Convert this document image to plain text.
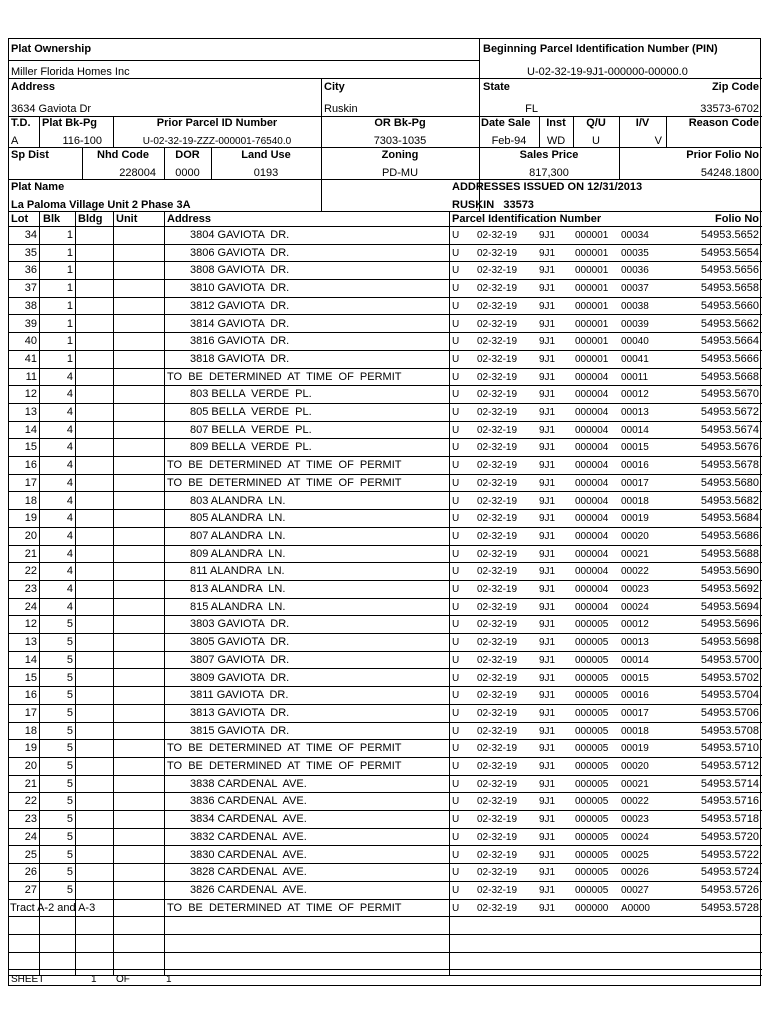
Plat Ownership
Miller Florida Homes Inc
Beginning Parcel Identification Number (PIN)
U-02-32-19-9J1-000000-00000.0
Address
3634 Gaviota Dr
City
Ruskin
State
FL
Zip Code
33573-6702
T.D.
A
Plat Bk-Pg
116-100
Prior Parcel ID Number
U-02-32-19-ZZZ-000001-76540.0
OR Bk-Pg
7303-1035
Date Sale
Feb-94
Inst
WD
Q/U
U
I/V
V
Reason Code
Sp Dist	Nhd Code
228004
DOR
0000
Land Use
0193
Zoning
PD-MU
Sales Price
817,300
Prior Folio No
54248.1800
Plat Name
La Paloma Village Unit 2 Phase 3A
ADDRESSES ISSUED ON 12/31/2013
RUSKIN   33573
Lot Blk Bldg Unit	Address	Parcel Identification Number	Folio No
34	1	3804 GAVIOTA  DR.	U 02-32-19 9J1 000001 00034	54953.5652
35	1	3806 GAVIOTA  DR.	U 02-32-19 9J1 000001 00035	54953.5654
36	1	3808 GAVIOTA  DR.	U 02-32-19 9J1 000001 00036	54953.5656
37	1	3810 GAVIOTA  DR.	U 02-32-19 9J1 000001 00037	54953.5658
38	1	3812 GAVIOTA  DR.	U 02-32-19 9J1 000001 00038	54953.5660
39	1	3814 GAVIOTA  DR.	U 02-32-19 9J1 000001 00039	54953.5662
40	1	3816 GAVIOTA  DR.	U 02-32-19 9J1 000001 00040	54953.5664
41	1	3818 GAVIOTA  DR.	U 02-32-19 9J1 000001 00041	54953.5666
11	4	TO  BE  DETERMINED  AT  TIME  OF  PERMIT	U 02-32-19 9J1 000004 00011	54953.5668
12	4	803 BELLA  VERDE  PL.	U 02-32-19 9J1 000004 00012	54953.5670
13	4	805 BELLA  VERDE  PL.	U 02-32-19 9J1 000004 00013	54953.5672
14	4	807 BELLA  VERDE  PL.	U 02-32-19 9J1 000004 00014	54953.5674
15	4	809 BELLA  VERDE  PL.	U 02-32-19 9J1 000004 00015	54953.5676
16	4	TO  BE  DETERMINED  AT  TIME  OF  PERMIT	U 02-32-19 9J1 000004 00016	54953.5678
17	4	TO  BE  DETERMINED  AT  TIME  OF  PERMIT	U 02-32-19 9J1 000004 00017	54953.5680
18	4	803 ALANDRA  LN.	U 02-32-19 9J1 000004 00018	54953.5682
19	4	805 ALANDRA  LN.	U 02-32-19 9J1 000004 00019	54953.5684
20	4	807 ALANDRA  LN.	U 02-32-19 9J1 000004 00020	54953.5686
21	4	809 ALANDRA  LN.	U 02-32-19 9J1 000004 00021	54953.5688
22	4	811 ALANDRA  LN.	U 02-32-19 9J1 000004 00022	54953.5690
23	4	813 ALANDRA  LN.	U 02-32-19 9J1 000004 00023	54953.5692
24	4	815 ALANDRA  LN.	U 02-32-19 9J1 000004 00024	54953.5694
12	5	3803 GAVIOTA  DR.	U 02-32-19 9J1 000005 00012	54953.5696
13	5	3805 GAVIOTA  DR.	U 02-32-19 9J1 000005 00013	54953.5698
14	5	3807 GAVIOTA  DR.	U 02-32-19 9J1 000005 00014	54953.5700
15	5	3809 GAVIOTA  DR.	U 02-32-19 9J1 000005 00015	54953.5702
16	5	3811 GAVIOTA  DR.	U 02-32-19 9J1 000005 00016	54953.5704
17	5	3813 GAVIOTA  DR.	U 02-32-19 9J1 000005 00017	54953.5706
18	5	3815 GAVIOTA  DR.	U 02-32-19 9J1 000005 00018	54953.5708
19	5	TO  BE  DETERMINED  AT  TIME  OF  PERMIT	U 02-32-19 9J1 000005 00019	54953.5710
20	5	TO  BE  DETERMINED  AT  TIME  OF  PERMIT	U 02-32-19 9J1 000005 00020	54953.5712
21	5	3838 CARDENAL  AVE.	U 02-32-19 9J1 000005 00021	54953.5714
22	5	3836 CARDENAL  AVE.	U 02-32-19 9J1 000005 00022	54953.5716
23	5	3834 CARDENAL  AVE.	U 02-32-19 9J1 000005 00023	54953.5718
24	5	3832 CARDENAL  AVE.	U 02-32-19 9J1 000005 00024	54953.5720
25	5	3830 CARDENAL  AVE.	U 02-32-19 9J1 000005 00025	54953.5722
26	5	3828 CARDENAL  AVE.	U 02-32-19 9J1 000005 00026	54953.5724
27	5	3826 CARDENAL  AVE.	U 02-32-19 9J1 000005 00027	54953.5726
Tract A-2 and A-3	TO  BE  DETERMINED  AT  TIME  OF  PERMIT	U 02-32-19 9J1 000000 A0000	54953.5728
SHEET	1 OF	1
